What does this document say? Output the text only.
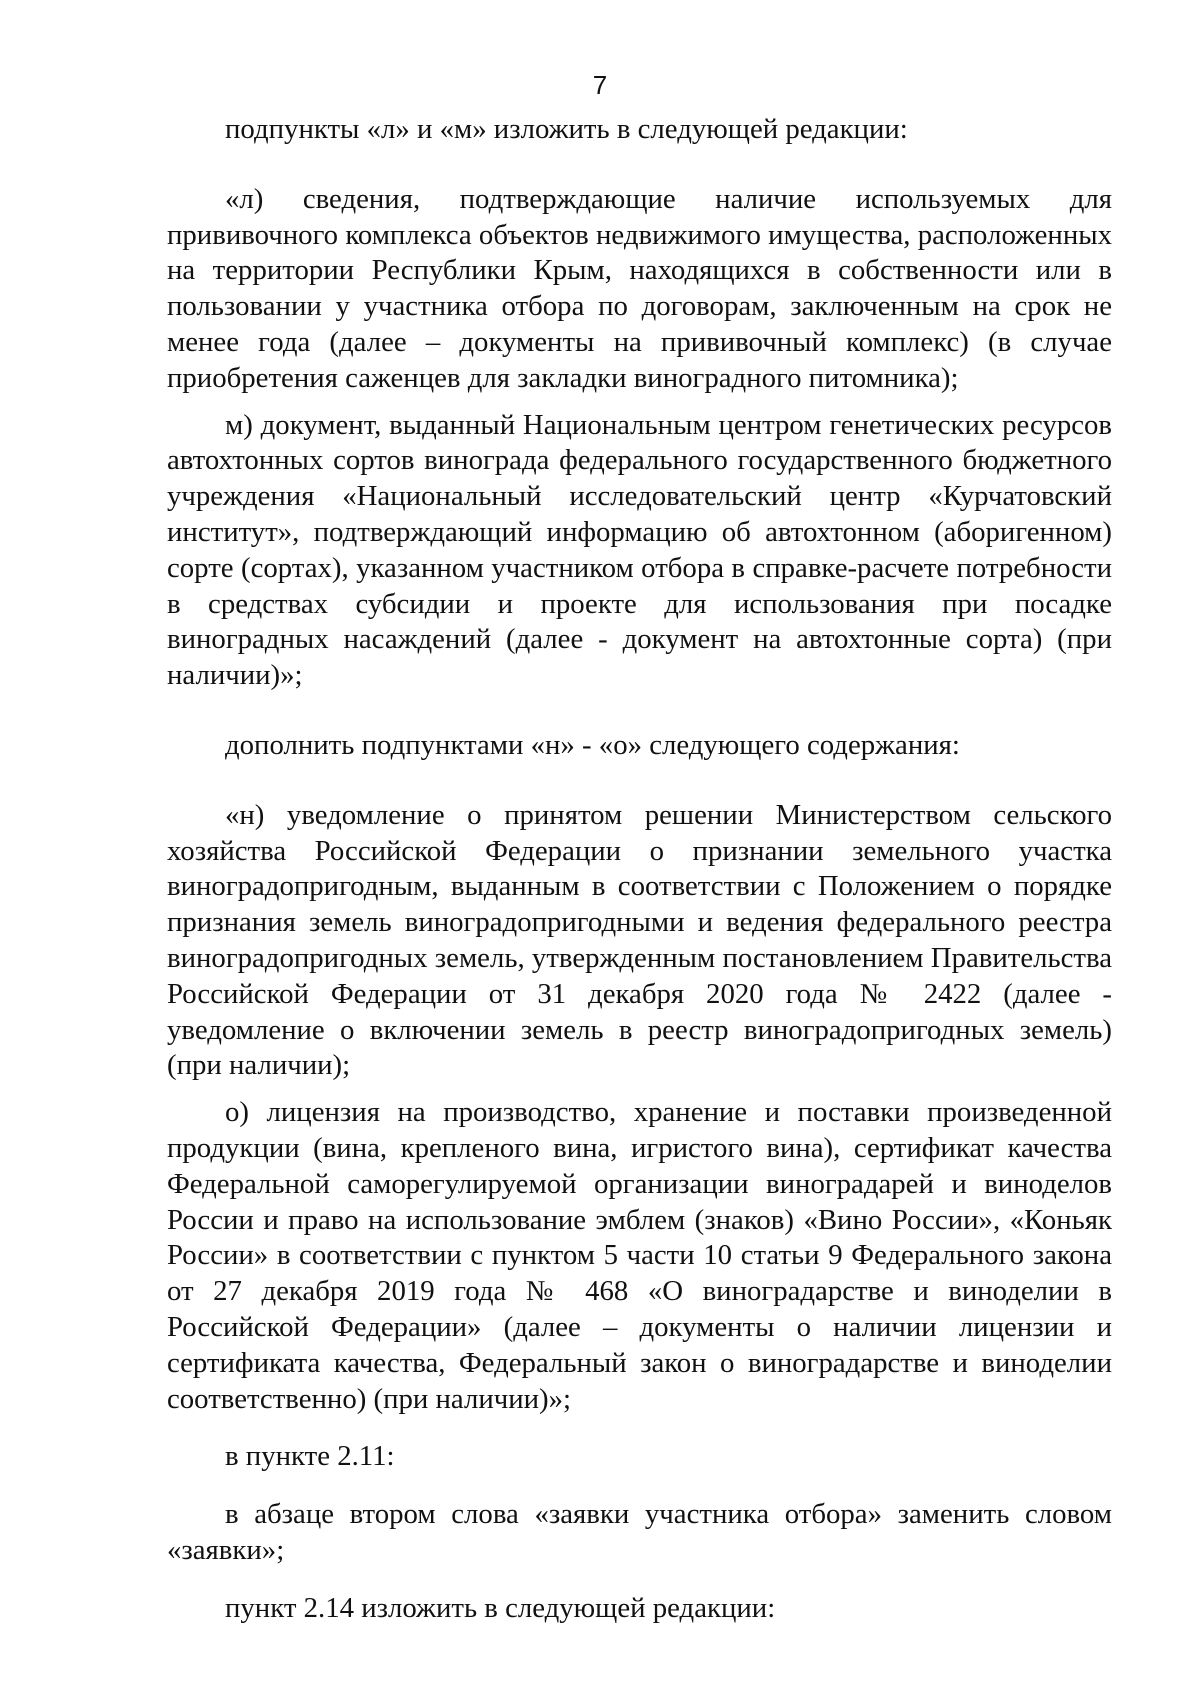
7

подпункты «л» и «м» изложить в следующей редакции:

«л) сведения, подтверждающие наличие используемых для прививочного комплекса объектов недвижимого имущества, расположенных на территории Республики Крым, находящихся в собственности или в пользовании у участника отбора по договорам, заключенным на срок не менее года (далее – документы на прививочный комплекс) (в случае приобретения саженцев для закладки виноградного питомника);

м) документ, выданный Национальным центром генетических ресурсов автохтонных сортов винограда федерального государственного бюджетного учреждения «Национальный исследовательский центр «Курчатовский институт», подтверждающий информацию об автохтонном (аборигенном) сорте (сортах), указанном участником отбора в справке-расчете потребности в средствах субсидии и проекте для использования при посадке виноградных насаждений (далее - документ на автохтонные сорта) (при наличии)»;

дополнить подпунктами «н» - «о» следующего содержания:

«н) уведомление о принятом решении Министерством сельского хозяйства Российской Федерации о признании земельного участка виноградопригодным, выданным в соответствии с Положением о порядке признания земель виноградопригодными и ведения федерального реестра виноградопригодных земель, утвержденным постановлением Правительства Российской Федерации от 31 декабря 2020 года № 2422 (далее - уведомление о включении земель в реестр виноградопригодных земель) (при наличии);

о) лицензия на производство, хранение и поставки произведенной продукции (вина, крепленого вина, игристого вина), сертификат качества Федеральной саморегулируемой организации виноградарей и виноделов России и право на использование эмблем (знаков) «Вино России», «Коньяк России» в соответствии с пунктом 5 части 10 статьи 9 Федерального закона от 27 декабря 2019 года № 468 «О виноградарстве и виноделии в Российской Федерации» (далее – документы о наличии лицензии и сертификата качества, Федеральный закон о виноградарстве и виноделии соответственно) (при наличии)»;

в пункте 2.11:

в абзаце втором слова «заявки участника отбора» заменить словом «заявки»;

пункт 2.14 изложить в следующей редакции:
